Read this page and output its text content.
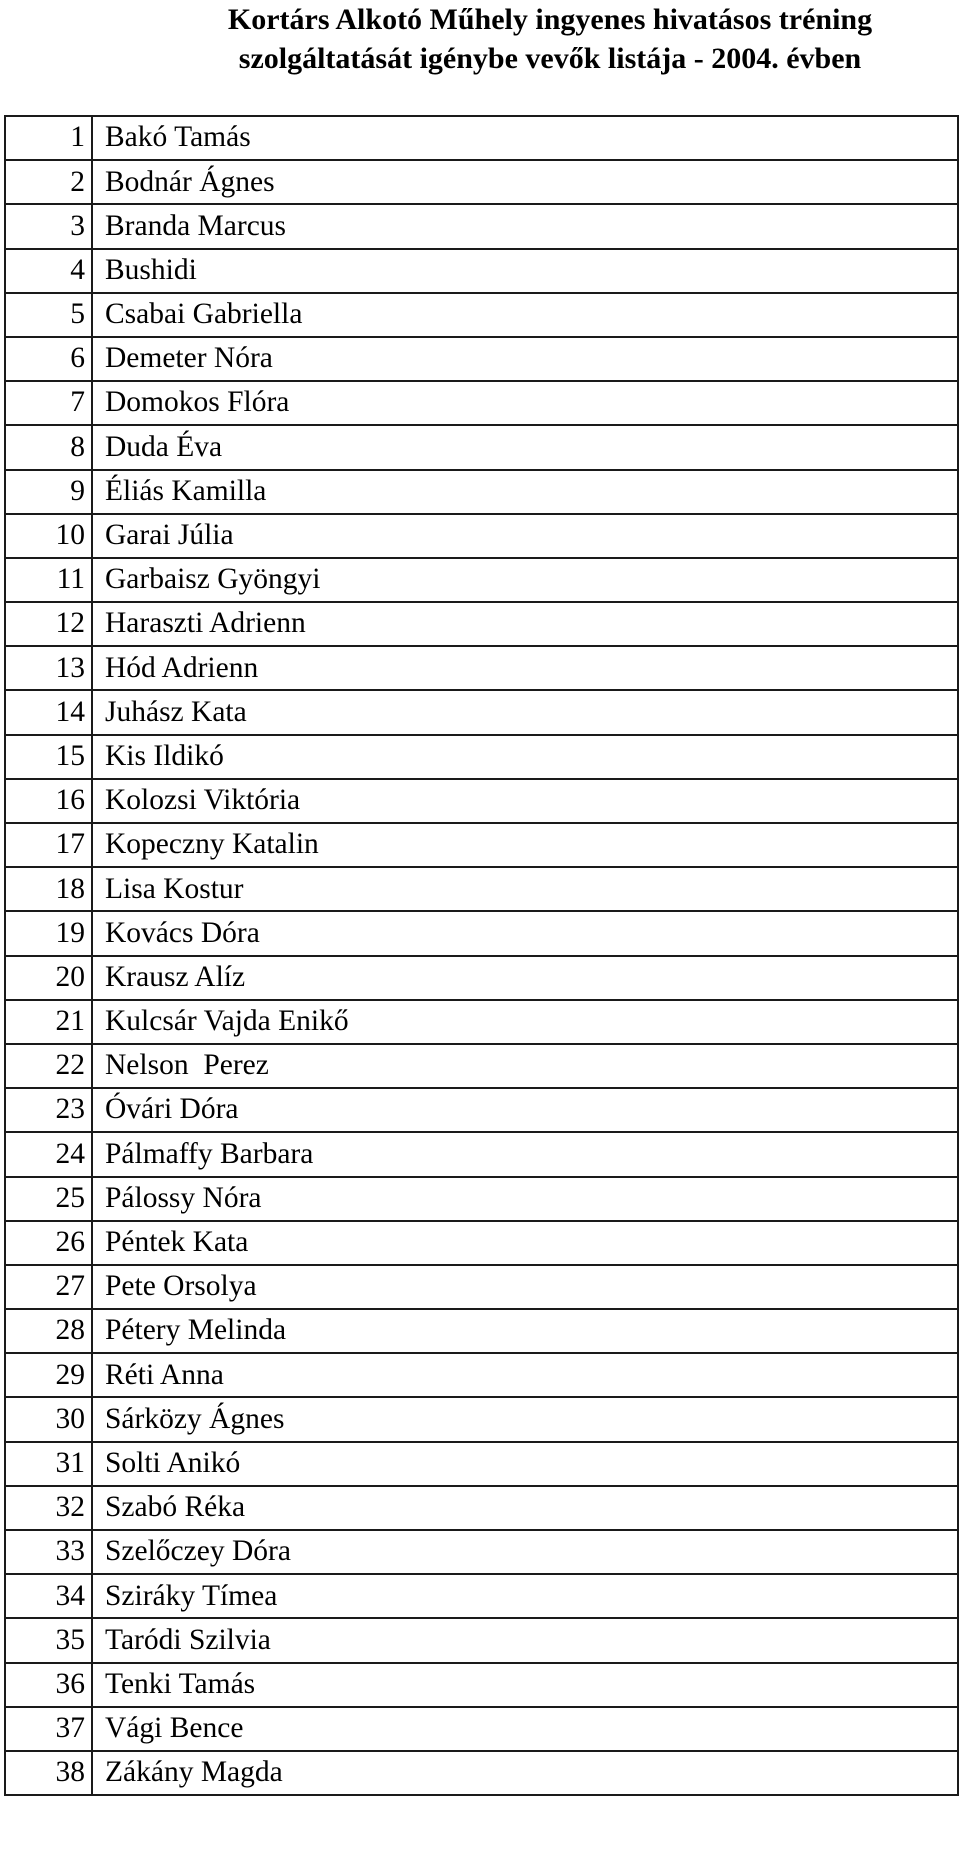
Kortárs Alkotó Műhely ingyenes hivatásos tréning
szolgáltatását igénybe vevők listája - 2004. évben
1	Bakó Tamás
2	Bodnár Ágnes
3	Branda Marcus
4	Bushidi
5	Csabai Gabriella
6	Demeter Nóra
7	Domokos Flóra
8	Duda Éva
9	Éliás Kamilla
10	Garai Júlia
11	Garbaisz Gyöngyi
12	Haraszti Adrienn
13	Hód Adrienn
14	Juhász Kata
15	Kis Ildikó
16	Kolozsi Viktória
17	Kopeczny Katalin
18	Lisa Kostur
19	Kovács Dóra
20	Krausz Alíz
21	Kulcsár Vajda Enikő
22	Nelson  Perez
23	Óvári Dóra
24	Pálmaffy Barbara
25	Pálossy Nóra
26	Péntek Kata
27	Pete Orsolya
28	Pétery Melinda
29	Réti Anna
30	Sárközy Ágnes
31	Solti Anikó
32	Szabó Réka
33	Szelőczey Dóra
34	Sziráky Tímea
35	Taródi Szilvia
36	Tenki Tamás
37	Vági Bence
38	Zákány Magda
